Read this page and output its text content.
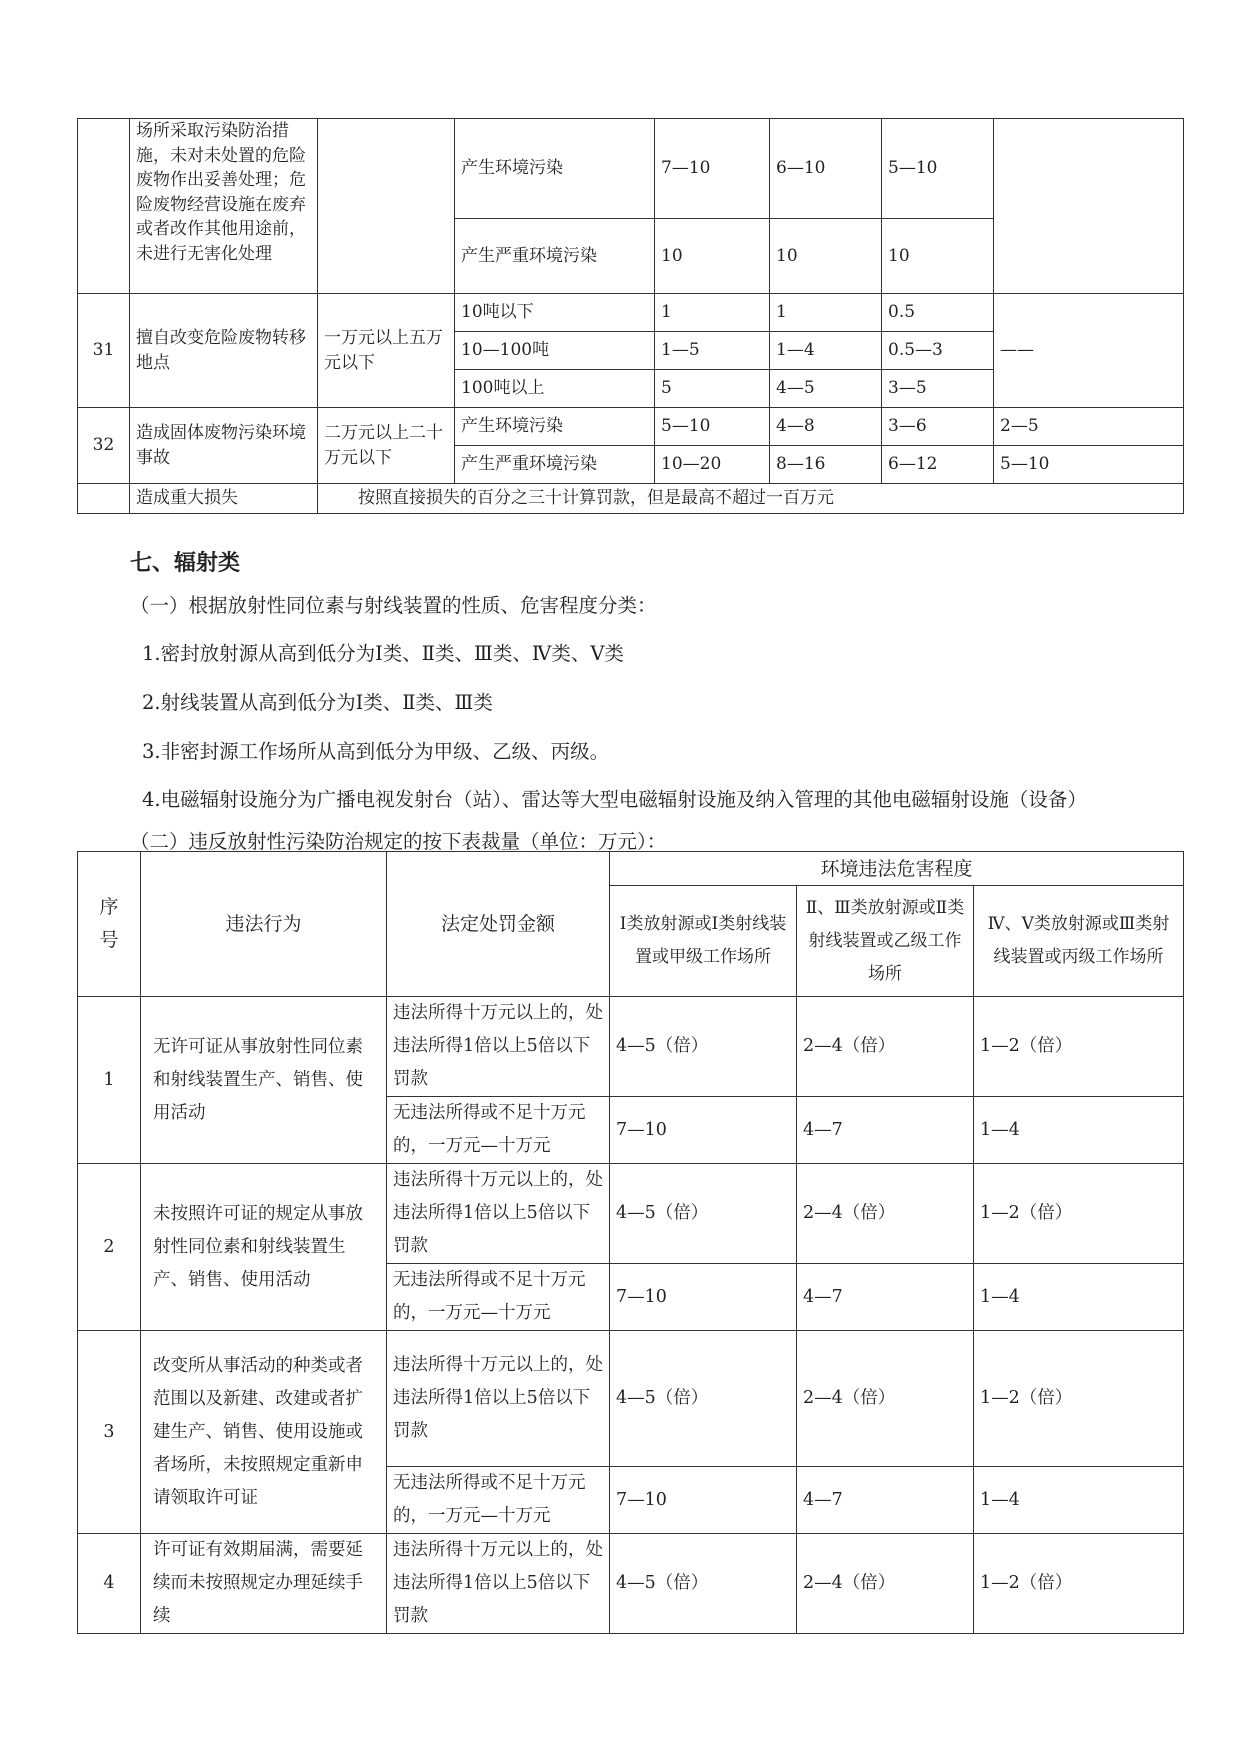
	场所采取污染防治措施，未对未处置的危险废物作出妥善处理；危险废物经营设施在废弃或者改作其他用途前，未进行无害化处理		产生环境污染	7—10	6—10	5—10	
			产生严重环境污染	10	10	10	
31	擅自改变危险废物转移地点	一万元以上五万元以下	10吨以下	1	1	0.5	——
			10—100吨	1—5	1—4	0.5—3	
			100吨以上	5	4—5	3—5	
32	造成固体废物污染环境事故	二万元以上二十万元以下	产生环境污染	5—10	4—8	3—6	2—5
			产生严重环境污染	10—20	8—16	6—12	5—10
	造成重大损失	按照直接损失的百分之三十计算罚款，但是最高不超过一百万元					
七、辐射类
（一）根据放射性同位素与射线装置的性质、危害程度分类：
1.密封放射源从高到低分为Ⅰ类、Ⅱ类、Ⅲ类、Ⅳ类、Ⅴ类
2.射线装置从高到低分为Ⅰ类、Ⅱ类、Ⅲ类
3.非密封源工作场所从高到低分为甲级、乙级、丙级。
4.电磁辐射设施分为广播电视发射台（站）、雷达等大型电磁辐射设施及纳入管理的其他电磁辐射设施（设备）
（二）违反放射性污染防治规定的按下表裁量（单位：万元）：
序号	违法行为	法定处罚金额	环境违法危害程度		
			Ⅰ类放射源或Ⅰ类射线装置或甲级工作场所	Ⅱ、Ⅲ类放射源或Ⅱ类射线装置或乙级工作场所	Ⅳ、Ⅴ类放射源或Ⅲ类射线装置或丙级工作场所
1	无许可证从事放射性同位素和射线装置生产、销售、使用活动	违法所得十万元以上的，处违法所得1倍以上5倍以下罚款	4—5（倍）	2—4（倍）	1—2（倍）
		无违法所得或不足十万元的，一万元—十万元	7—10	4—7	1—4
2	未按照许可证的规定从事放射性同位素和射线装置生产、销售、使用活动	违法所得十万元以上的，处违法所得1倍以上5倍以下罚款	4—5（倍）	2—4（倍）	1—2（倍）
		无违法所得或不足十万元的，一万元—十万元	7—10	4—7	1—4
3	改变所从事活动的种类或者范围以及新建、改建或者扩建生产、销售、使用设施或者场所，未按照规定重新申请领取许可证	违法所得十万元以上的，处违法所得1倍以上5倍以下罚款	4—5（倍）	2—4（倍）	1—2（倍）
		无违法所得或不足十万元的，一万元—十万元	7—10	4—7	1—4
4	许可证有效期届满，需要延续而未按照规定办理延续手续	违法所得十万元以上的，处违法所得1倍以上5倍以下罚款	4—5（倍）	2—4（倍）	1—2（倍）
